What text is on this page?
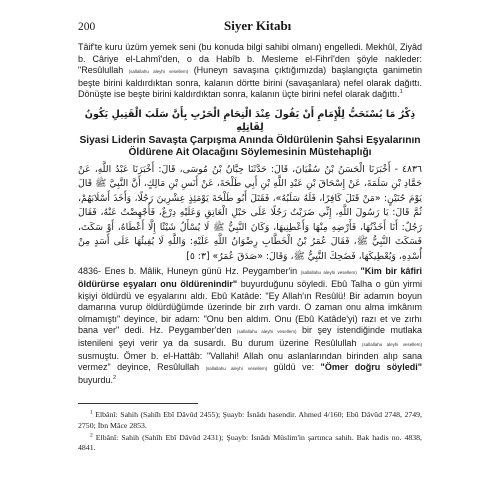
200	Siyer Kitabı

Tâif'te kuru üzüm yemek seni (bu konuda bilgi sahibi olmanı) engelledi. Mekhûl, Ziyâd b. Câriye el-Lahmî'den, o da Habîb b. Mesleme el-Fihrî'den şöyle nakleder: "Resûlullah (sallallahu aleyhi vesellem) (Huneyn savaşına çıktığımızda) başlangıçta ganimetin beşte birini kaldırdıktan sonra, kalanın dörtte birini (savaşanlara) nefel olarak dağıttı. Dönüşte ise beşte birini kaldırdıktan sonra, kalanın üçte birini nefel olarak dağıttı.$^1$

ذِكْرُ مَا يُسْتَحَبُّ لِلْإِمَامِ أَنْ يَقُولَ عِنْدَ الْتِحَامِ الْحَرْبِ بِأَنَّ سَلَبَ الْقَتِيلِ يَكُونُ لِقَاتِلِهِ

Siyasi Liderin Savaşta Çarpışma Anında Öldürülenin Şahsi Eşyalarının Öldürene Ait Olacağını Söylemesinin Müstehaplığı

٤٨٣٦ - أَخْبَرَنَا الْحَسَنُ بْنُ سُفْيَانَ، قَالَ: حَدَّثَنَا حِبَّانُ بْنُ مُوسَى، قَالَ: أَخْبَرَنَا عَبْدُ اللَّهِ، عَنْ حَمَّادِ بْنِ سَلَمَةَ، عَنْ إِسْحَاقَ بْنِ عَبْدِ اللَّهِ بْنِ أَبِي طَلْحَةَ، عَنْ أَنَسِ بْنِ مَالِكٍ، أَنَّ النَّبِيَّ ﷺ قَالَ يَوْمَ حُنَيْنٍ: «مَنْ قَتَلَ كَافِرًا، فَلَهُ سَلَبُهُ»، فَقَتَلَ أَبُو طَلْحَةَ يَوْمَئِذٍ عِشْرِينَ رَجُلًا، وَأَخَذَ أَسْلَابَهُمْ، ثُمَّ قَالَ: يَا رَسُولَ اللَّهِ، إِنِّي ضَرَبْتُ رَجُلًا عَلَى حَبْلِ الْعَاتِقِ وَعَلَيْهِ دِرْعٌ، فَأُجْهِضْتُ عَنْهُ، فَقَالَ رَجُلٌ: أَنَا أَخَذْتُهَا، فَأَرْضِهِ مِنْهَا وَأَعْطِنِيهَا، وَكَانَ النَّبِيُّ ﷺ لَا يُسْأَلُ شَيْئًا إِلَّا أَعْطَاهُ، أَوْ سَكَتَ، فَسَكَتَ النَّبِيُّ ﷺ، فَقَالَ عُمَرُ بْنُ الْخَطَّابِ رِضْوَانُ اللَّهِ عَلَيْهِ: وَاللَّهِ لَا يُفِيئُهَا عَلَى أَسَدٍ مِنْ أُسْدِهِ، وَيُعْطِيكَهَا، فَضَحِكَ النَّبِيُّ ﷺ، وَقَالَ: «صَدَقَ عُمَرُ» [٣: ٥]

4836- Enes b. Mâlik, Huneyn günü Hz. Peygamber'in (sallallahu aleyhi vesellem) "Kim bir kâfiri öldürürse eşyaları onu öldürenindir" buyurduğunu söyledi. Ebû Talha o gün yirmi kişiyi öldürdü ve eşyalarını aldı. Ebû Katâde: "Ey Allah'ın Resûlü! Bir adamın boyun damarına vurup öldürdüğümde üzerinde bir zırh vardı. O zaman onu alma imkânım olmamıştı" deyince, bir adam: "Onu ben aldım. Onu (Ebû Katâde'yi) razı et ve zırhı bana ver" dedi. Hz. Peygamber'den (sallallahu aleyhi vesellem) bir şey istendiğinde mutlaka istenileni şeyi verir ya da susardı. Bu durum üzerine Resûlullah (sallallahu aleyhi vesellem) susmuştu. Ömer b. el-Hattâb: "Vallahi! Allah onu aslanlarından birinden alıp sana vermez" deyince, Resûlullah (sallallahu aleyhi vesellem) güldü ve: "Ömer doğru söyledi" buyurdu.$^2$

$^1$ Elbânî: Sahih (Sahîh Ebî Dâvûd 2455); Şuayb: İsnâdı hasendir. Ahmed 4/160; Ebû Dâvûd 2748, 2749, 2750; İbn Mâce 2853.

$^2$ Elbânî: Sahih (Sahîh Ebî Dâvûd 2431); Şuayb: İsnâdı Müslim'in şartınca sahih. Bak hadis no. 4838, 4841.
